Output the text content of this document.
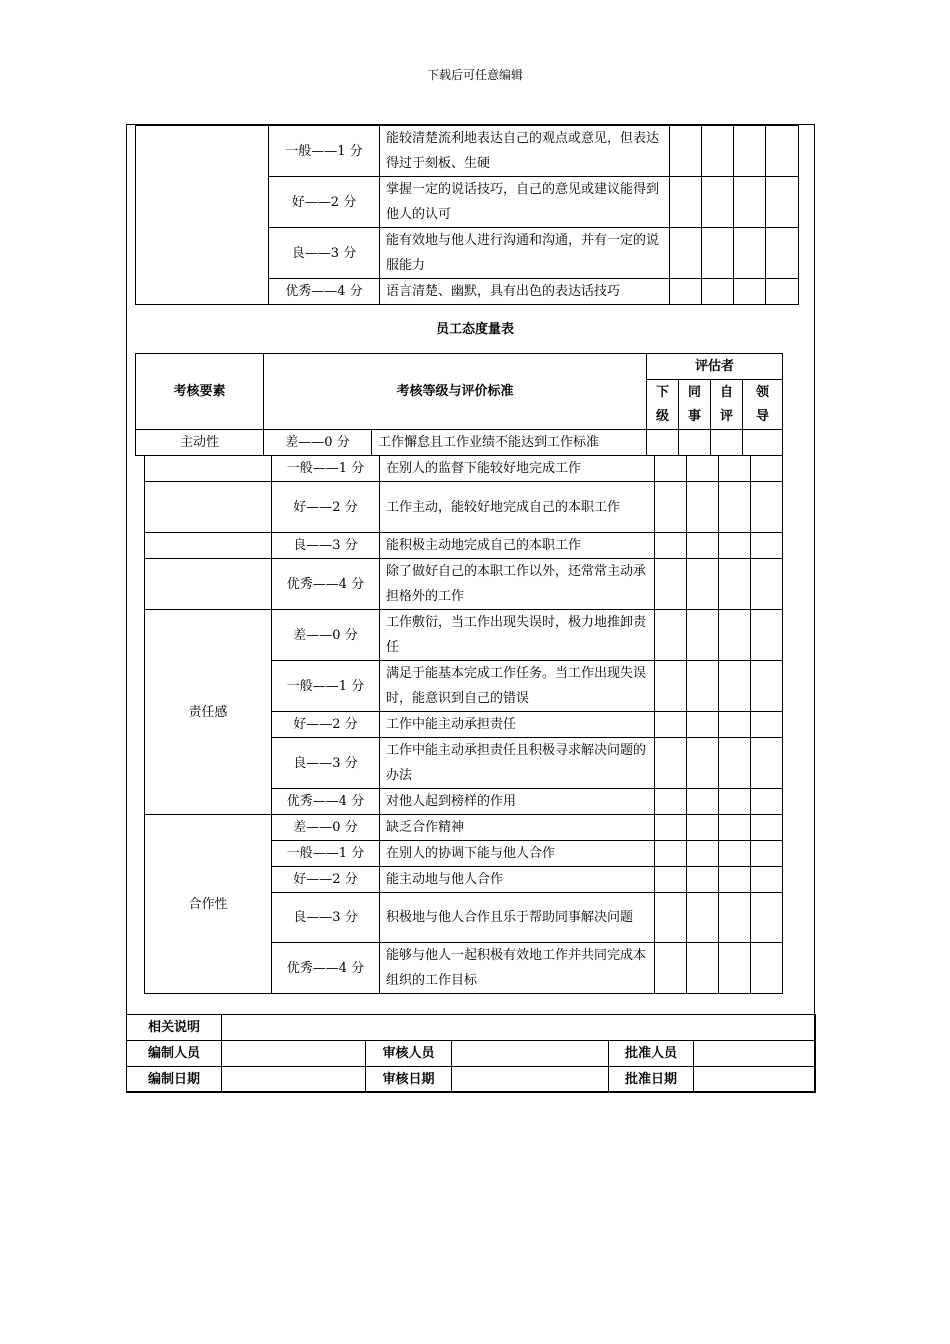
下载后可任意编辑
	一般——1 分	能较清楚流利地表达自己的观点或意见，但表达得过于刻板、生硬				
	好——2 分	掌握一定的说话技巧，自己的意见或建议能得到他人的认可				
	良——3 分	能有效地与他人进行沟通和沟通，并有一定的说服能力				
	优秀——4 分	语言清楚、幽默，具有出色的表达话技巧				
员工态度量表
考核要素	考核等级与评价标准		评估者			
			下级	同事	自评	领导
主动性	差——0 分	工作懈怠且工作业绩不能达到工作标准				
	一般——1 分	在别人的监督下能较好地完成工作				
	好——2 分	工作主动，能较好地完成自己的本职工作				
	良——3 分	能积极主动地完成自己的本职工作				
	优秀——4 分	除了做好自己的本职工作以外，还常常主动承担格外的工作				
责任感	差——0 分	工作敷衍，当工作出现失误时，极力地推卸责任				
	一般——1 分	满足于能基本完成工作任务。当工作出现失误时，能意识到自己的错误				
	好——2 分	工作中能主动承担责任				
	良——3 分	工作中能主动承担责任且积极寻求解决问题的办法				
	优秀——4 分	对他人起到榜样的作用				
合作性	差——0 分	缺乏合作精神				
	一般——1 分	在别人的协调下能与他人合作				
	好——2 分	能主动地与他人合作				
	良——3 分	积极地与他人合作且乐于帮助同事解决问题				
	优秀——4 分	能够与他人一起积极有效地工作并共同完成本组织的工作目标				
相关说明					
编制人员		审核人员		批准人员	
编制日期		审核日期		批准日期	
